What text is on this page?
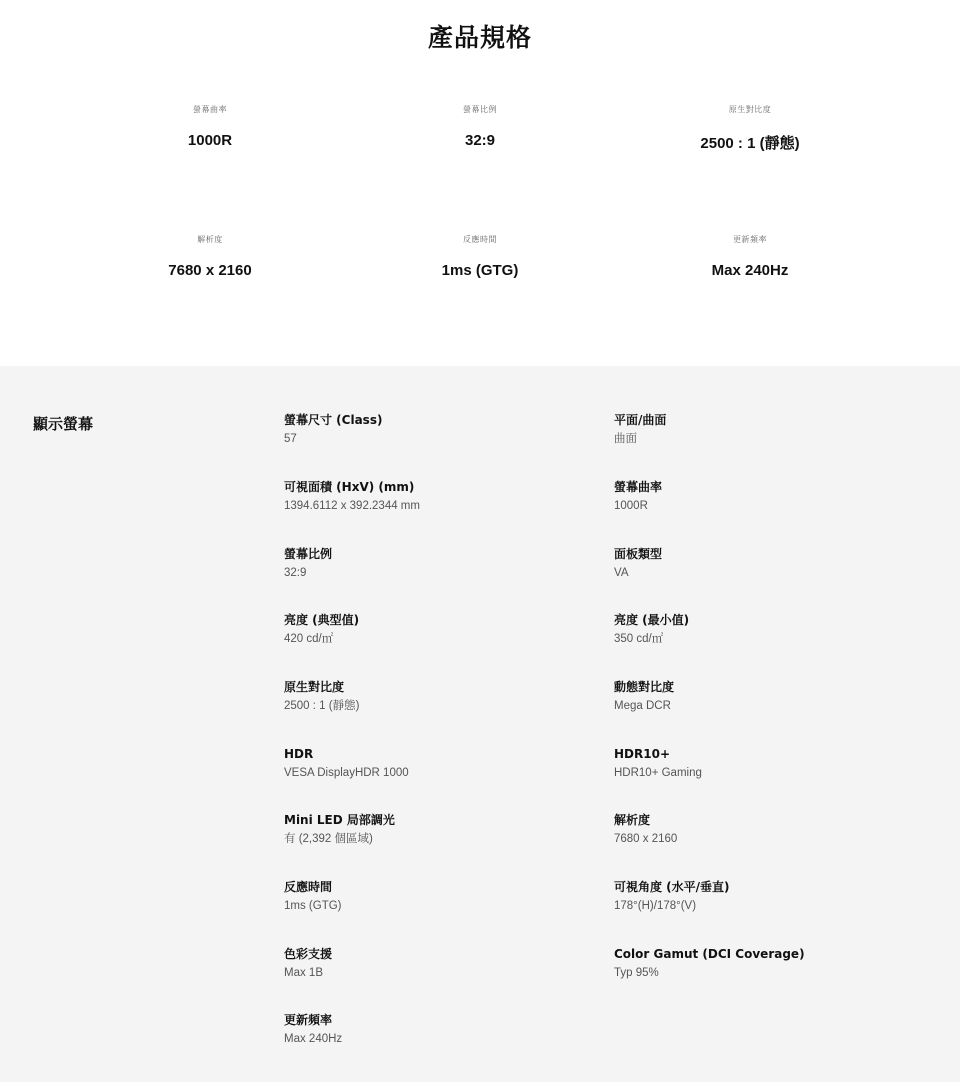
產品規格
螢幕曲率
1000R
螢幕比例
32:9
原生對比度
2500 : 1 (靜態)
解析度
7680 x 2160
反應時間
1ms (GTG)
更新頻率
Max 240Hz
顯示螢幕	螢幕尺寸 (Class)
57
可視面積 (HxV) (mm)
1394.6112 x 392.2344 mm
螢幕比例
32:9
亮度 (典型值)
420 cd/㎡
原生對比度
2500 : 1 (靜態)
HDR
VESA DisplayHDR 1000
Mini LED 局部調光
有 (2,392 個區域)
反應時間
1ms (GTG)
色彩支援
Max 1B
更新頻率
Max 240Hz
平面/曲面
曲面
螢幕曲率
1000R
面板類型
VA
亮度 (最小值)
350 cd/㎡
動態對比度
Mega DCR
HDR10+
HDR10+ Gaming
解析度
7680 x 2160
可視角度 (水平/垂直)
178°(H)/178°(V)
Color Gamut (DCI Coverage)
Typ 95%
